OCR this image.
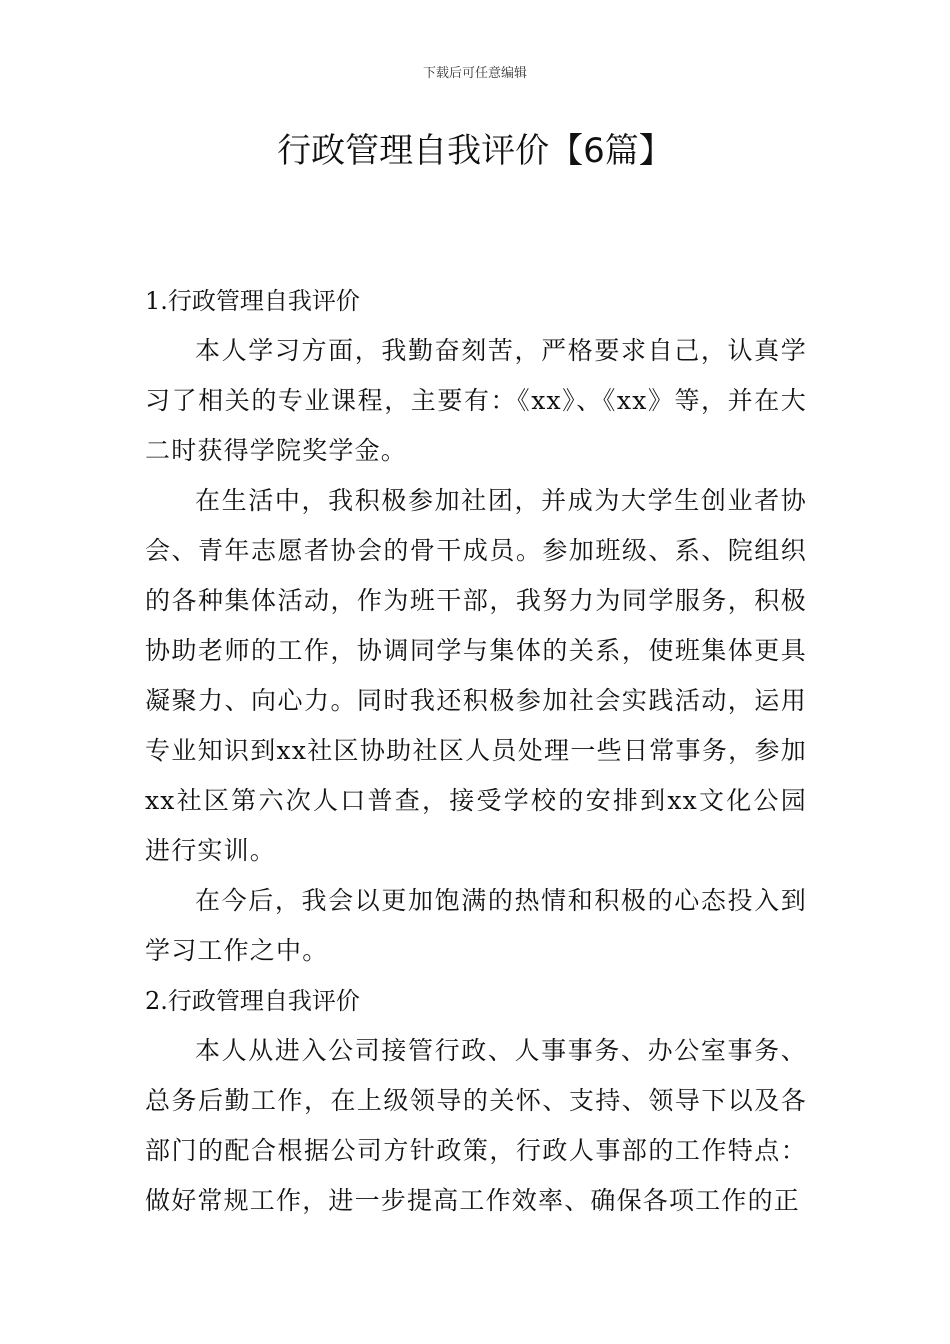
下载后可任意编辑
行政管理自我评价【6篇】
1.行政管理自我评价

本人学习方面，我勤奋刻苦，严格要求自己，认真学习了相关的专业课程，主要有：《xx》、《xx》等，并在大二时获得学院奖学金。

在生活中，我积极参加社团，并成为大学生创业者协会、青年志愿者协会的骨干成员。参加班级、系、院组织的各种集体活动，作为班干部，我努力为同学服务，积极协助老师的工作，协调同学与集体的关系，使班集体更具凝聚力、向心力。同时我还积极参加社会实践活动，运用专业知识到xx社区协助社区人员处理一些日常事务，参加xx社区第六次人口普查，接受学校的安排到xx文化公园进行实训。

在今后，我会以更加饱满的热情和积极的心态投入到学习工作之中。

2.行政管理自我评价

本人从进入公司接管行政、人事事务、办公室事务、总务后勤工作，在上级领导的关怀、支持、领导下以及各部门的配合根据公司方针政策，行政人事部的工作特点：做好常规工作，进一步提高工作效率、确保各项工作的正
